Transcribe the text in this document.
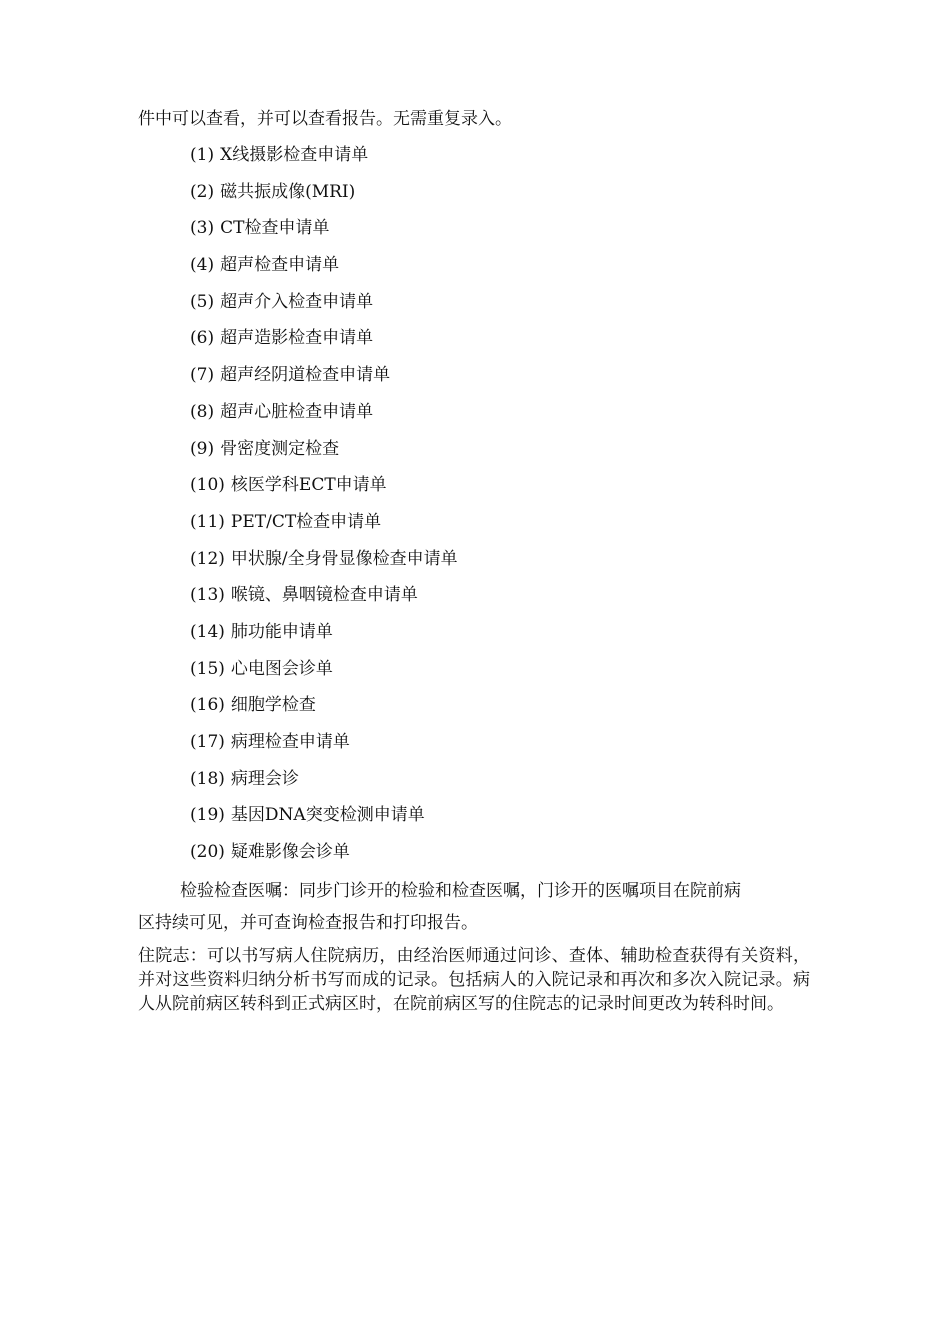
件中可以查看，并可以查看报告。无需重复录入。
(1) X线摄影检查申请单
(2) 磁共振成像(MRI)
(3) CT检查申请单
(4) 超声检查申请单
(5) 超声介入检查申请单
(6) 超声造影检查申请单
(7) 超声经阴道检查申请单
(8) 超声心脏检查申请单
(9) 骨密度测定检查
(10) 核医学科ECT申请单
(11) PET/CT检查申请单
(12) 甲状腺/全身骨显像检查申请单
(13) 喉镜、鼻咽镜检查申请单
(14) 肺功能申请单
(15) 心电图会诊单
(16) 细胞学检查
(17) 病理检查申请单
(18) 病理会诊
(19) 基因DNA突变检测申请单
(20) 疑难影像会诊单
检验检查医嘱：同步门诊开的检验和检查医嘱，门诊开的医嘱项目在院前病
区持续可见，并可查询检查报告和打印报告。
住院志：可以书写病人住院病历，由经治医师通过问诊、查体、辅助检查获得有关资料，并对这些资料归纳分析书写而成的记录。包括病人的入院记录和再次和多次入院记录。病人从院前病区转科到正式病区时，在院前病区写的住院志的记录时间更改为转科时间。
